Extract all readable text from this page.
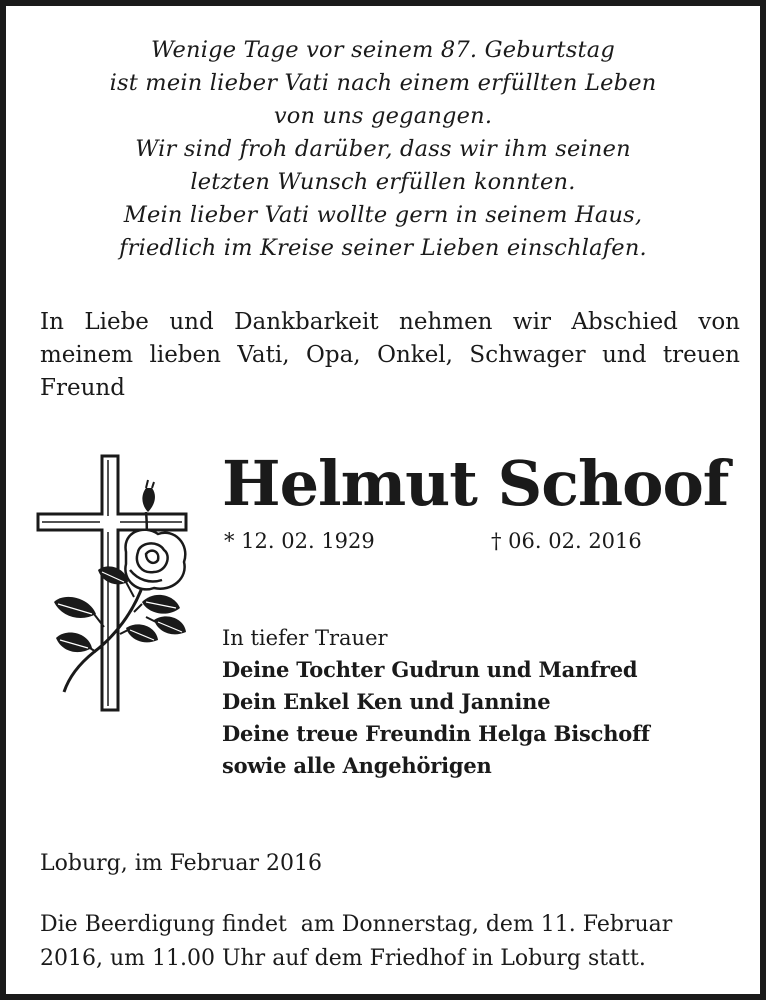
Wenige Tage vor seinem 87. Geburtstag
ist mein lieber Vati nach einem erfüllten Leben
von uns gegangen.
Wir sind froh darüber, dass wir ihm seinen
letzten Wunsch erfüllen konnten.
Mein lieber Vati wollte gern in seinem Haus,
friedlich im Kreise seiner Lieben einschlafen.
In Liebe und Dankbarkeit nehmen wir Abschied von meinem lieben Vati, Opa, Onkel, Schwager und treuen Freund
Helmut Schoof
* 12. 02. 1929	† 06. 02. 2016
In tiefer Trauer
Deine Tochter Gudrun und Manfred
Dein Enkel Ken und Jannine
Deine treue Freundin Helga Bischoff
sowie alle Angehörigen
Loburg, im Februar 2016
Die Beerdigung findet  am Donnerstag, dem 11. Februar
2016, um 11.00 Uhr auf dem Friedhof in Loburg statt.
